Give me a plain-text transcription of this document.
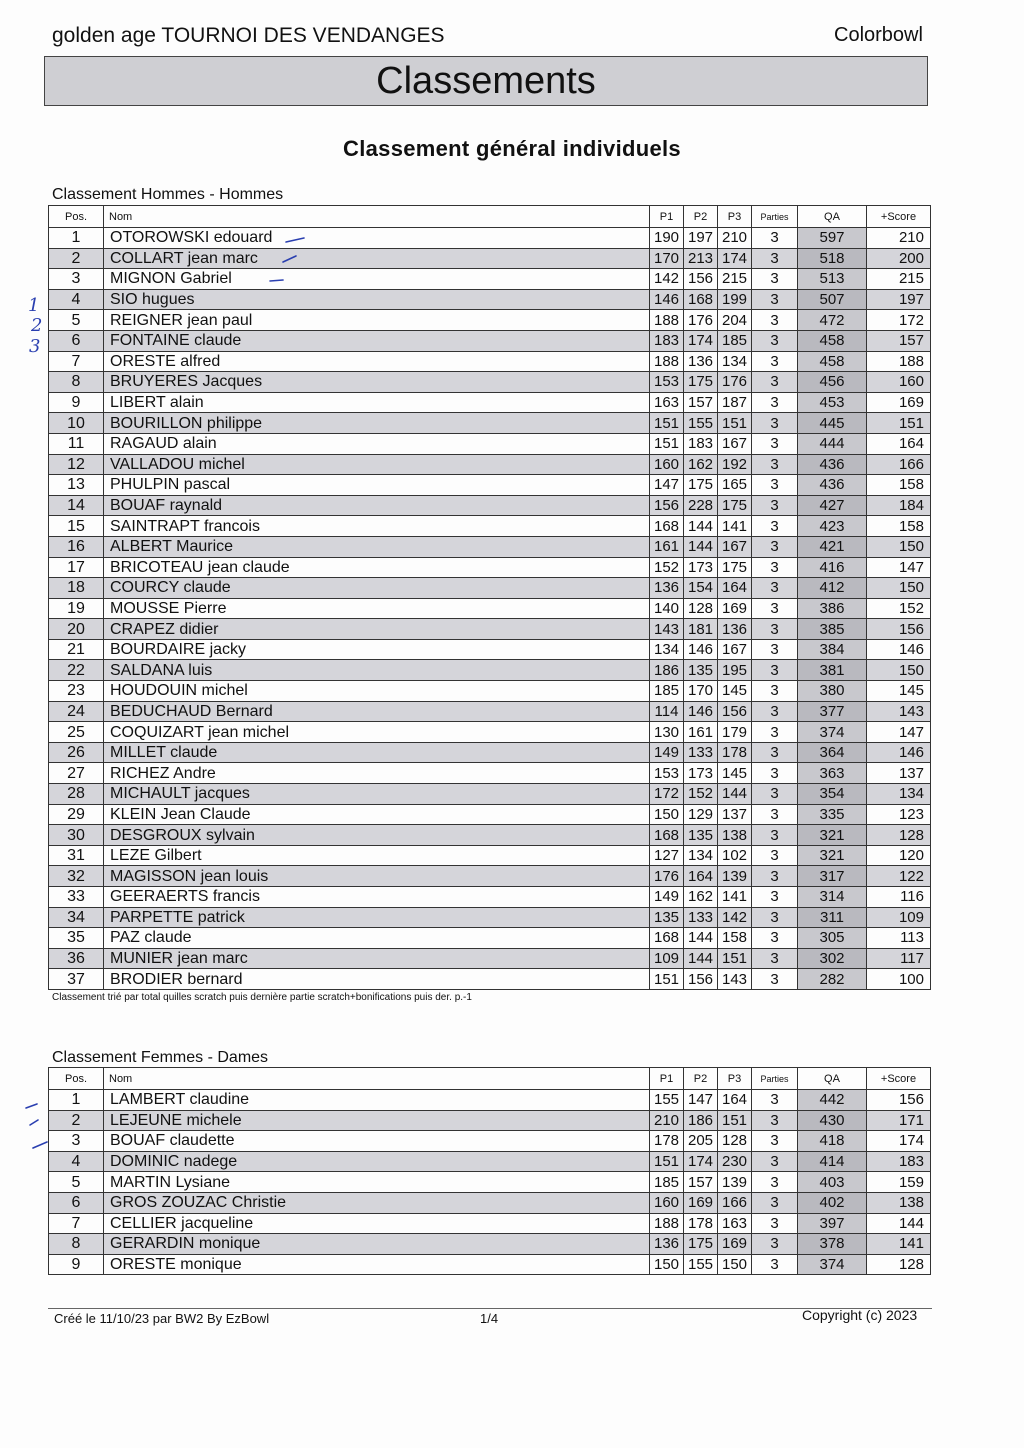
golden age TOURNOI DES VENDANGES	Colorbowl
Classements
Classement général individuels
Classement Hommes - Hommes
Pos.	Nom	P1	P2	P3	Parties	QA	+Score
1	OTOROWSKI edouard	190	197	210	3	597	210
2	COLLART jean marc	170	213	174	3	518	200
3	MIGNON Gabriel	142	156	215	3	513	215
4	SIO hugues	146	168	199	3	507	197
5	REIGNER jean paul	188	176	204	3	472	172
6	FONTAINE claude	183	174	185	3	458	157
7	ORESTE alfred	188	136	134	3	458	188
8	BRUYERES Jacques	153	175	176	3	456	160
9	LIBERT alain	163	157	187	3	453	169
10	BOURILLON philippe	151	155	151	3	445	151
11	RAGAUD alain	151	183	167	3	444	164
12	VALLADOU michel	160	162	192	3	436	166
13	PHULPIN pascal	147	175	165	3	436	158
14	BOUAF raynald	156	228	175	3	427	184
15	SAINTRAPT francois	168	144	141	3	423	158
16	ALBERT Maurice	161	144	167	3	421	150
17	BRICOTEAU jean claude	152	173	175	3	416	147
18	COURCY claude	136	154	164	3	412	150
19	MOUSSE Pierre	140	128	169	3	386	152
20	CRAPEZ didier	143	181	136	3	385	156
21	BOURDAIRE jacky	134	146	167	3	384	146
22	SALDANA luis	186	135	195	3	381	150
23	HOUDOUIN michel	185	170	145	3	380	145
24	BEDUCHAUD Bernard	114	146	156	3	377	143
25	COQUIZART jean michel	130	161	179	3	374	147
26	MILLET claude	149	133	178	3	364	146
27	RICHEZ Andre	153	173	145	3	363	137
28	MICHAULT jacques	172	152	144	3	354	134
29	KLEIN Jean Claude	150	129	137	3	335	123
30	DESGROUX sylvain	168	135	138	3	321	128
31	LEZE Gilbert	127	134	102	3	321	120
32	MAGISSON jean louis	176	164	139	3	317	122
33	GEERAERTS francis	149	162	141	3	314	116
34	PARPETTE patrick	135	133	142	3	311	109
35	PAZ claude	168	144	158	3	305	113
36	MUNIER jean marc	109	144	151	3	302	117
37	BRODIER bernard	151	156	143	3	282	100
Classement trié par total quilles scratch puis dernière partie scratch+bonifications puis der. p.-1
Classement Femmes - Dames
Pos.	Nom	P1	P2	P3	Parties	QA	+Score
1	LAMBERT claudine	155	147	164	3	442	156
2	LEJEUNE michele	210	186	151	3	430	171
3	BOUAF claudette	178	205	128	3	418	174
4	DOMINIC nadege	151	174	230	3	414	183
5	MARTIN Lysiane	185	157	139	3	403	159
6	GROS ZOUZAC Christie	160	169	166	3	402	138
7	CELLIER jacqueline	188	178	163	3	397	144
8	GERARDIN monique	136	175	169	3	378	141
9	ORESTE monique	150	155	150	3	374	128
1
2
3
Créé le 11/10/23 par BW2 By EzBowl	1/4	Copyright (c) 2023
